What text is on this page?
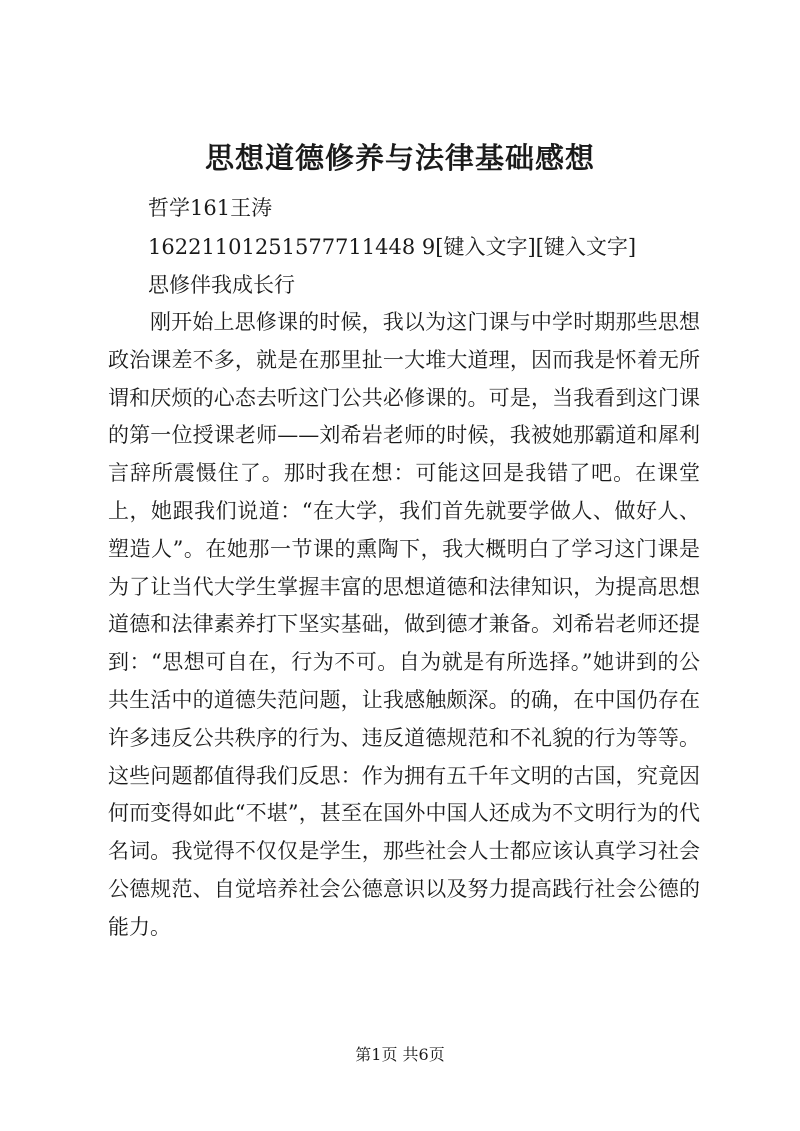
思想道德修养与法律基础感想
哲学161王涛
16221101251577711448 9[键入文字][键入文字]
思修伴我成长行

刚开始上思修课的时候，我以为这门课与中学时期那些思想政治课差不多，就是在那里扯一大堆大道理，因而我是怀着无所谓和厌烦的心态去听这门公共必修课的。可是，当我看到这门课的第一位授课老师——刘希岩老师的时候，我被她那霸道和犀利言辞所震慑住了。那时我在想：可能这回是我错了吧。在课堂上，她跟我们说道：“在大学，我们首先就要学做人、做好人、塑造人”。在她那一节课的熏陶下，我大概明白了学习这门课是为了让当代大学生掌握丰富的思想道德和法律知识，为提高思想道德和法律素养打下坚实基础，做到德才兼备。刘希岩老师还提到：“思想可自在，行为不可。自为就是有所选择。”她讲到的公共生活中的道德失范问题，让我感触颇深。的确，在中国仍存在许多违反公共秩序的行为、违反道德规范和不礼貌的行为等等。这些问题都值得我们反思：作为拥有五千年文明的古国，究竟因何而变得如此“不堪”，甚至在国外中国人还成为不文明行为的代名词。我觉得不仅仅是学生，那些社会人士都应该认真学习社会公德规范、自觉培养社会公德意识以及努力提高践行社会公德的能力。

第1页 共6页
